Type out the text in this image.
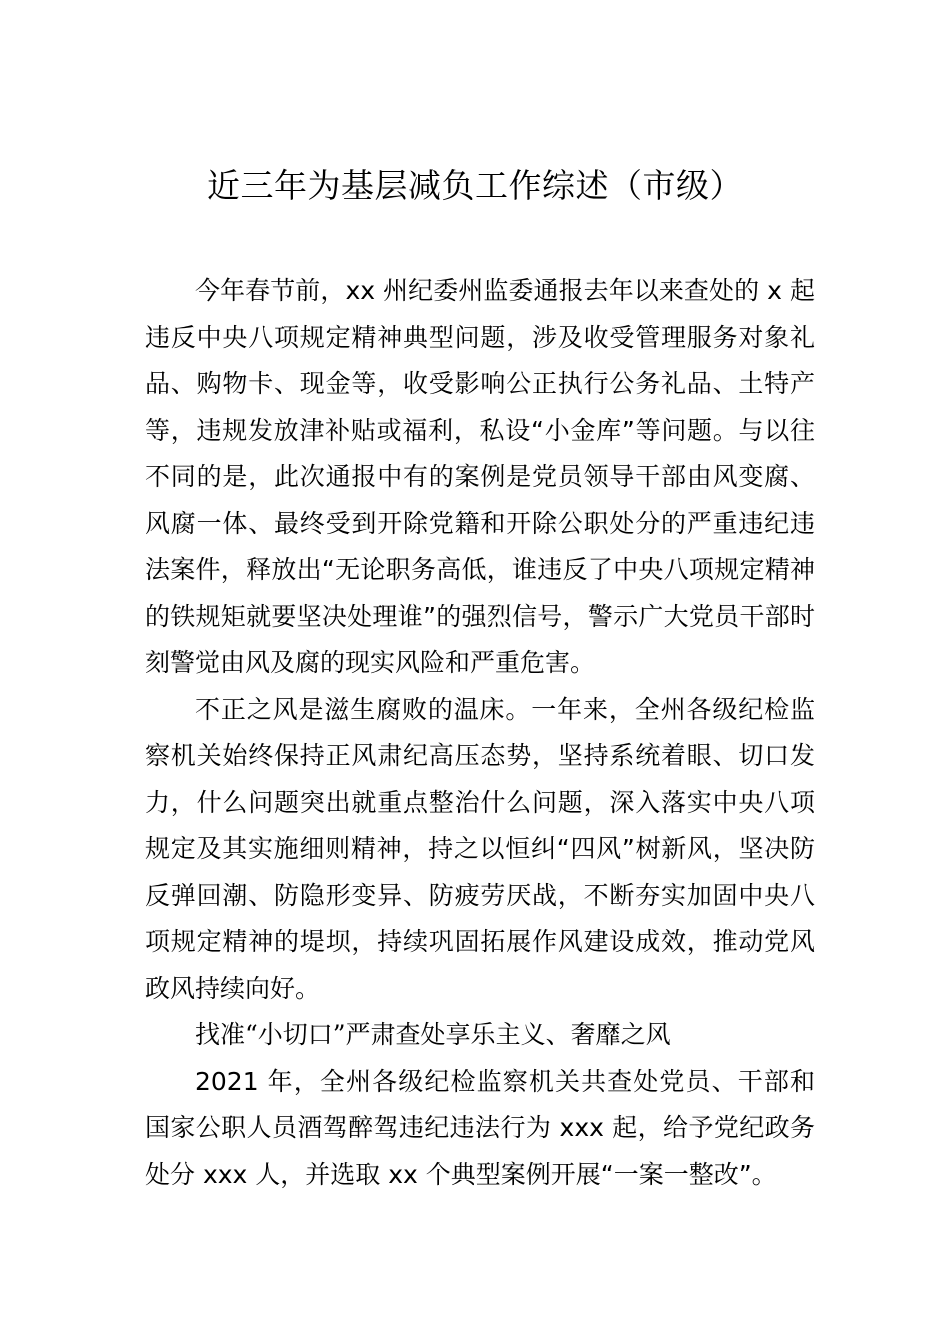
近三年为基层减负工作综述（市级）

今年春节前，xx 州纪委州监委通报去年以来查处的 x 起违反中央八项规定精神典型问题，涉及收受管理服务对象礼品、购物卡、现金等，收受影响公正执行公务礼品、土特产等，违规发放津补贴或福利，私设“小金库”等问题。与以往不同的是，此次通报中有的案例是党员领导干部由风变腐、风腐一体、最终受到开除党籍和开除公职处分的严重违纪违法案件，释放出“无论职务高低，谁违反了中央八项规定精神的铁规矩就要坚决处理谁”的强烈信号，警示广大党员干部时刻警觉由风及腐的现实风险和严重危害。

不正之风是滋生腐败的温床。一年来，全州各级纪检监察机关始终保持正风肃纪高压态势，坚持系统着眼、切口发力，什么问题突出就重点整治什么问题，深入落实中央八项规定及其实施细则精神，持之以恒纠“四风”树新风，坚决防反弹回潮、防隐形变异、防疲劳厌战，不断夯实加固中央八项规定精神的堤坝，持续巩固拓展作风建设成效，推动党风政风持续向好。

找准“小切口”严肃查处享乐主义、奢靡之风

2021 年，全州各级纪检监察机关共查处党员、干部和国家公职人员酒驾醉驾违纪违法行为 xxx 起，给予党纪政务处分 xxx 人，并选取 xx 个典型案例开展“一案一整改”。
